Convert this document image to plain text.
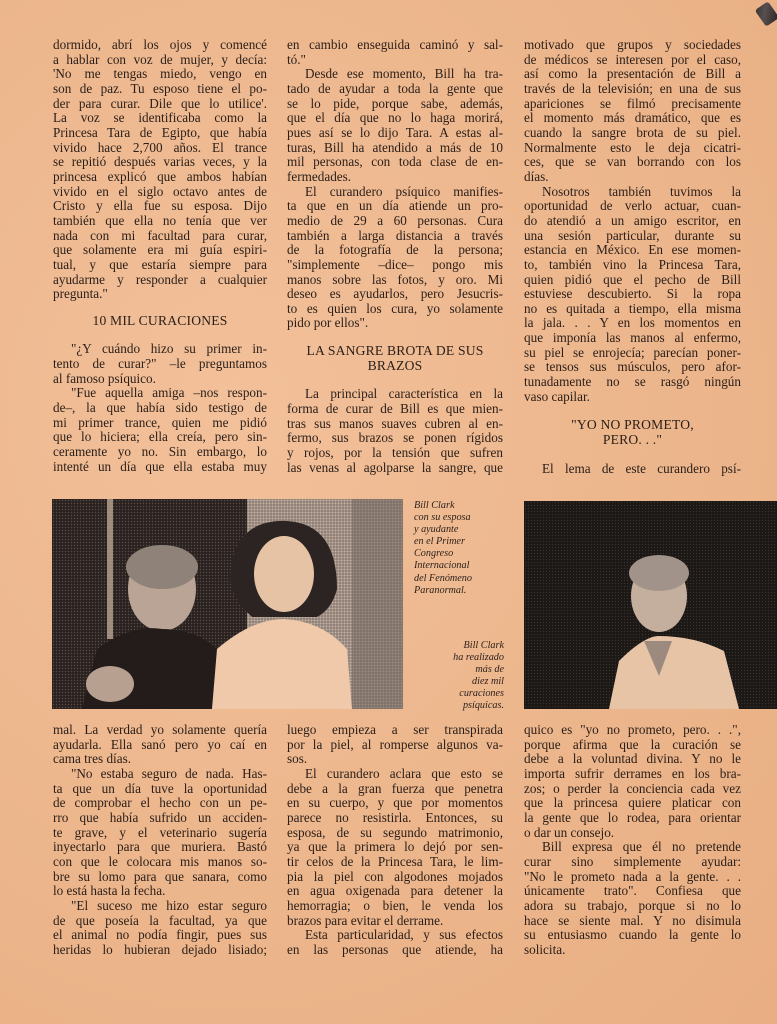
dormido, abrí los ojos y comencé
a hablar con voz de mujer, y decía:
'No me tengas miedo, vengo en
son de paz. Tu esposo tiene el po-
der para curar. Dile que lo utilice'.
La voz se identificaba como la
Princesa Tara de Egipto, que había
vivido hace 2,700 años. El trance
se repitió después varias veces, y la
princesa explicó que ambos habían
vivido en el siglo octavo antes de
Cristo y ella fue su esposa. Dijo
también que ella no tenía que ver
nada con mi facultad para curar,
que solamente era mi guía espiri-
tual, y que estaría siempre para
ayudarme y responder a cualquier
pregunta."
10 MIL CURACIONES
"¿Y cuándo hizo su primer in-
tento de curar?" –le preguntamos
al famoso psíquico.
"Fue aquella amiga –nos respon-
de–, la que había sido testigo de
mi primer trance, quien me pidió
que lo hiciera; ella creía, pero sin-
ceramente yo no. Sin embargo, lo
intenté un día que ella estaba muy
en cambio enseguida caminó y sal-
tó."
Desde ese momento, Bill ha tra-
tado de ayudar a toda la gente que
se lo pide, porque sabe, además,
que el día que no lo haga morirá,
pues así se lo dijo Tara. A estas al-
turas, Bill ha atendido a más de 10
mil personas, con toda clase de en-
fermedades.
El curandero psíquico manifies-
ta que en un día atiende un pro-
medio de 29 a 60 personas. Cura
también a larga distancia a través
de la fotografía de la persona;
"simplemente –dice– pongo mis
manos sobre las fotos, y oro. Mi
deseo es ayudarlos, pero Jesucris-
to es quien los cura, yo solamente
pido por ellos".
LA SANGRE BROTA DE SUS
BRAZOS
La principal característica en la
forma de curar de Bill es que mien-
tras sus manos suaves cubren al en-
fermo, sus brazos se ponen rígidos
y rojos, por la tensión que sufren
las venas al agolparse la sangre, que
motivado que grupos y sociedades
de médicos se interesen por el caso,
así como la presentación de Bill a
través de la televisión; en una de sus
apariciones se filmó precisamente
el momento más dramático, que es
cuando la sangre brota de su piel.
Normalmente esto le deja cicatri-
ces, que se van borrando con los
días.
Nosotros también tuvimos la
oportunidad de verlo actuar, cuan-
do atendió a un amigo escritor, en
una sesión particular, durante su
estancia en México. En ese momen-
to, también vino la Princesa Tara,
quien pidió que el pecho de Bill
estuviese descubierto. Si la ropa
no es quitada a tiempo, ella misma
la jala. . . Y en los momentos en
que imponía las manos al enfermo,
su piel se enrojecía; parecían poner-
se tensos sus músculos, pero afor-
tunadamente no se rasgó ningún
vaso capilar.
"YO NO PROMETO,
PERO. . ."
El lema de este curandero psí-
Bill Clark
con su esposa
y ayudante
en el Primer
Congreso
Internacional
del Fenómeno
Paranormal.
Bill Clark
ha realizado
más de
diez mil
curaciones
psíquicas.
mal. La verdad yo solamente quería
ayudarla. Ella sanó pero yo caí en
cama tres días.
"No estaba seguro de nada. Has-
ta que un día tuve la oportunidad
de comprobar el hecho con un pe-
rro que había sufrido un acciden-
te grave, y el veterinario sugería
inyectarlo para que muriera. Bastó
con que le colocara mis manos so-
bre su lomo para que sanara, como
lo está hasta la fecha.
"El suceso me hizo estar seguro
de que poseía la facultad, ya que
el animal no podía fingir, pues sus
heridas lo hubieran dejado lisiado;
luego empieza a ser transpirada
por la piel, al romperse algunos va-
sos.
El curandero aclara que esto se
debe a la gran fuerza que penetra
en su cuerpo, y que por momentos
parece no resistirla. Entonces, su
esposa, de su segundo matrimonio,
ya que la primera lo dejó por sen-
tir celos de la Princesa Tara, le lim-
pia la piel con algodones mojados
en agua oxigenada para detener la
hemorragia; o bien, le venda los
brazos para evitar el derrame.
Esta particularidad, y sus efectos
en las personas que atiende, ha
quico es "yo no prometo, pero. . .",
porque afirma que la curación se
debe a la voluntad divina. Y no le
importa sufrir derrames en los bra-
zos; o perder la conciencia cada vez
que la princesa quiere platicar con
la gente que lo rodea, para orientar
o dar un consejo.
Bill expresa que él no pretende
curar sino simplemente ayudar:
"No le prometo nada a la gente. . .
únicamente trato". Confiesa que
adora su trabajo, porque si no lo
hace se siente mal. Y no disimula
su entusiasmo cuando la gente lo
solicita.
